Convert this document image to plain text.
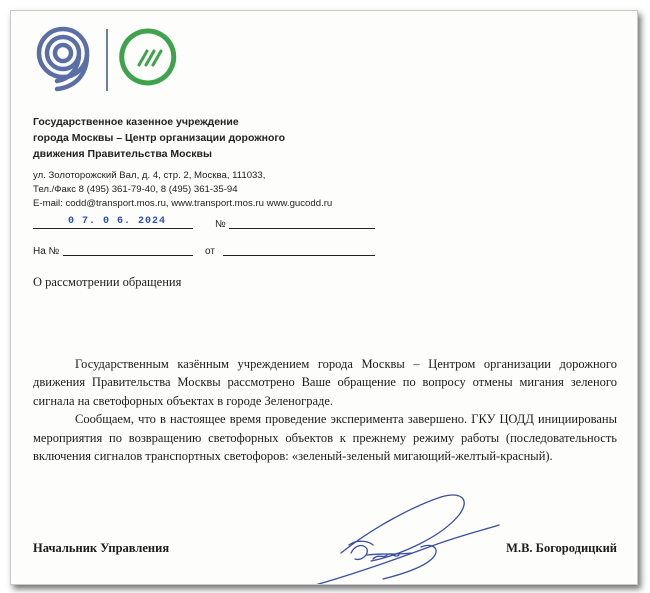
Государственное казенное учреждение
города Москвы – Центр организации дорожного
движения Правительства Москвы
ул. Золоторожский Вал, д. 4, стр. 2, Москва, 111033,
Тел./Факс 8 (495) 361-79-40, 8 (495) 361-35-94
E-mail: codd@transport.mos.ru, www.transport.mos.ru www.gucodd.ru
0 7. 0 6. 2024	№
На №	от
О рассмотрении обращения

Государственным казённым учреждением города Москвы – Центром организации дорожного движения Правительства Москвы рассмотрено Ваше обращение по вопросу отмены мигания зеленого сигнала на светофорных объектах в городе Зеленограде.

Сообщаем, что в настоящее время проведение эксперимента завершено. ГКУ ЦОДД инициированы мероприятия по возвращению светофорных объектов к прежнему режиму работы (последовательность включения сигналов транспортных светофоров: «зеленый-зеленый мигающий-желтый-красный).

Начальник Управления	М.В. Богородицкий
